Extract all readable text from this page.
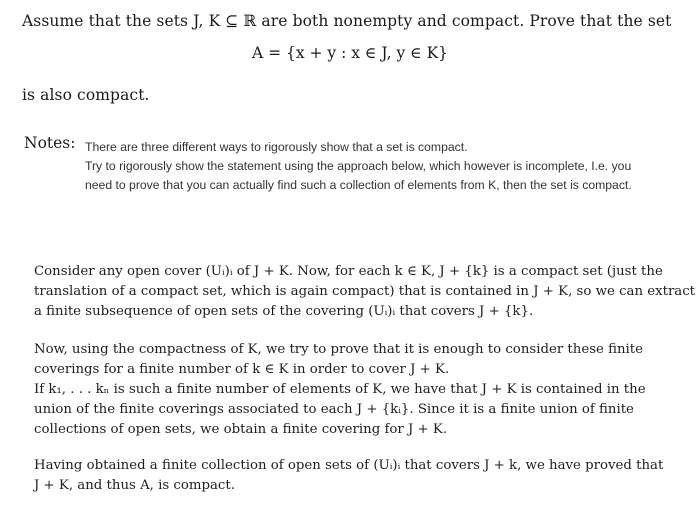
Assume that the sets J, K ⊆ ℝ are both nonempty and compact. Prove that the set
A = {x + y : x ∈ J, y ∈ K}
is also compact.
Notes: There are three different ways to rigorously show that a set is compact.
Try to rigorously show the statement using the approach below, which however is incomplete, I.e. you
need to prove that you can actually find such a collection of elements from K, then the set is compact.

Consider any open cover (Uᵢ)ᵢ of J + K. Now, for each k ∈ K, J + {k} is a compact set (just the

translation of a compact set, which is again compact) that is contained in J + K, so we can extract

a finite subsequence of open sets of the covering (Uᵢ)ᵢ that covers J + {k}.

Now, using the compactness of K, we try to prove that it is enough to consider these finite

coverings for a finite number of k ∈ K in order to cover J + K.

If k₁, . . . kₙ is such a finite number of elements of K, we have that J + K is contained in the

union of the finite coverings associated to each J + {kᵢ}. Since it is a finite union of finite

collections of open sets, we obtain a finite covering for J + K.

Having obtained a finite collection of open sets of (Uᵢ)ᵢ that covers J + k, we have proved that

J + K, and thus A, is compact.
